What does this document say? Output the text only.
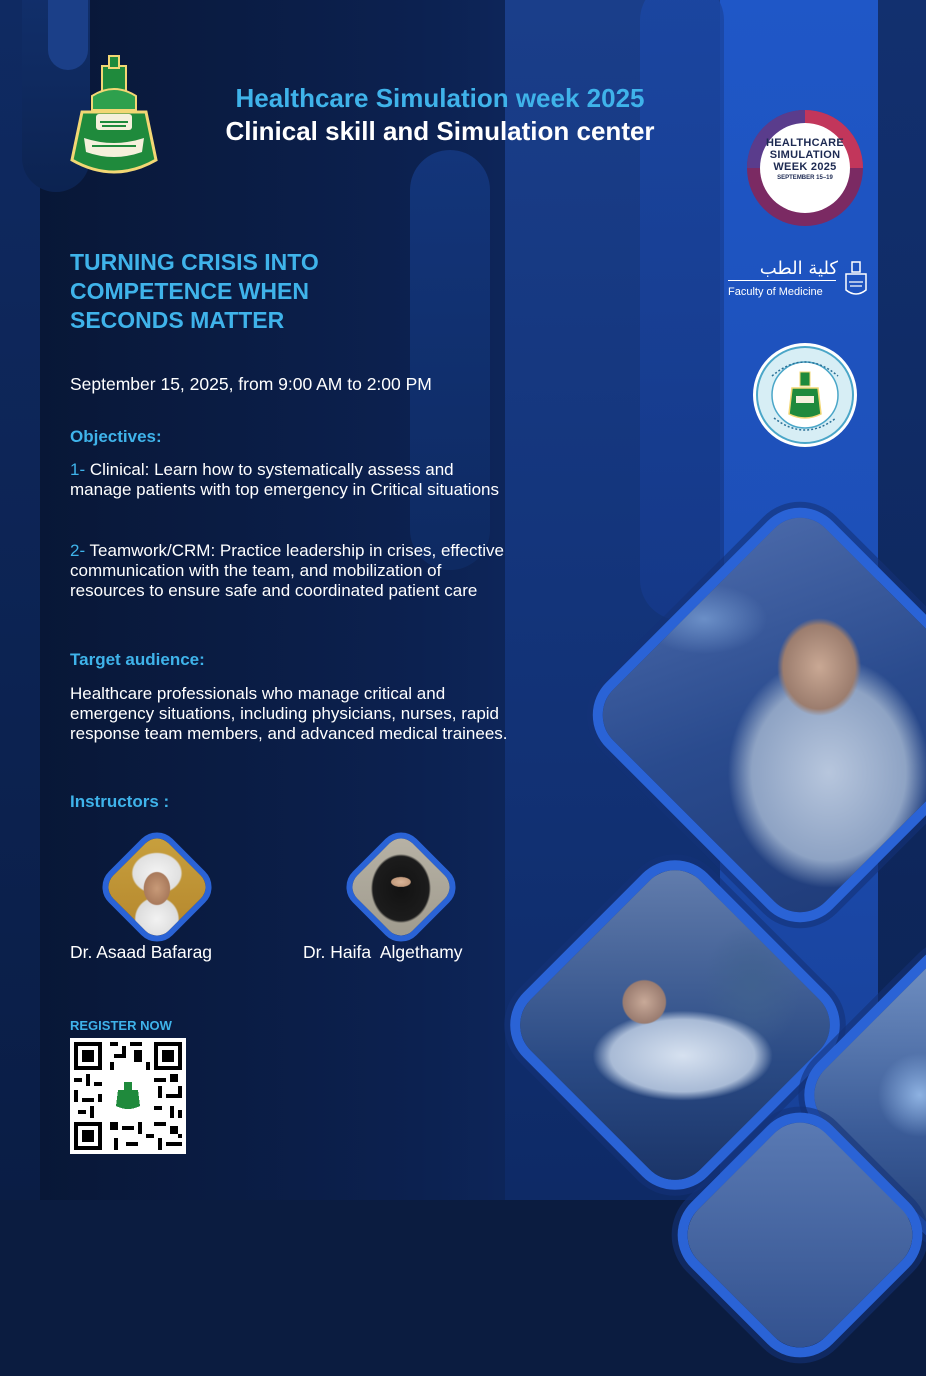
Healthcare Simulation week 2025

Clinical skill and Simulation center	HEALTHCARE
SIMULATION
WEEK 2025
SEPTEMBER 15–19
كلية الطب
Faculty of Medicine

TURNING CRISIS INTO COMPETENCE WHEN SECONDS MATTER

September 15, 2025, from 9:00 AM to 2:00 PM

Objectives:

1- Clinical: Learn how to systematically assess and manage patients with top emergency in Critical situations

2- Teamwork/CRM: Practice leadership in crises, effective communication with the team, and mobilization of resources to ensure safe and coordinated patient care

Target audience:

Healthcare professionals who manage critical and emergency situations, including physicians, nurses, rapid response team members, and advanced medical trainees.

Instructors :

Dr. Asaad Bafarag	Dr. Haifa  Algethamy

REGISTER NOW
